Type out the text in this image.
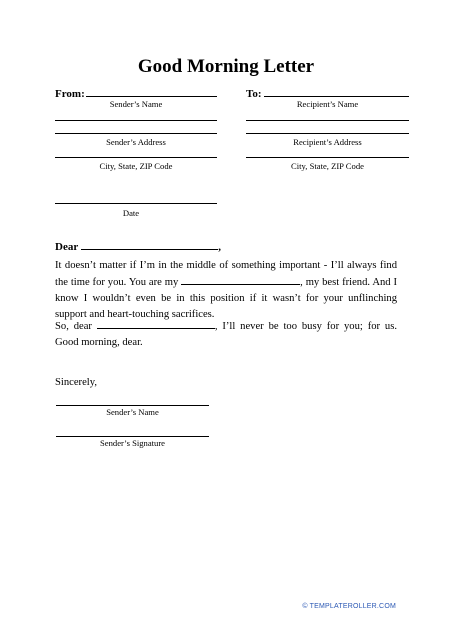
Good Morning Letter
From:
Sender’s Name
Sender’s Address
City, State, ZIP Code
To:
Recipient’s Name
Recipient’s Address
City, State, ZIP Code
Date
Dear	,
It doesn’t matter if I’m in the middle of something important - I’ll always find the time for you. You are my	, my best friend. And I know I wouldn’t even be in this position if it wasn’t for your unflinching support and heart-touching sacrifices.
So, dear	, I’ll never be too busy for you; for us. Good morning, dear.
Sincerely,
Sender’s Name
Sender’s Signature
© TEMPLATEROLLER.COM
